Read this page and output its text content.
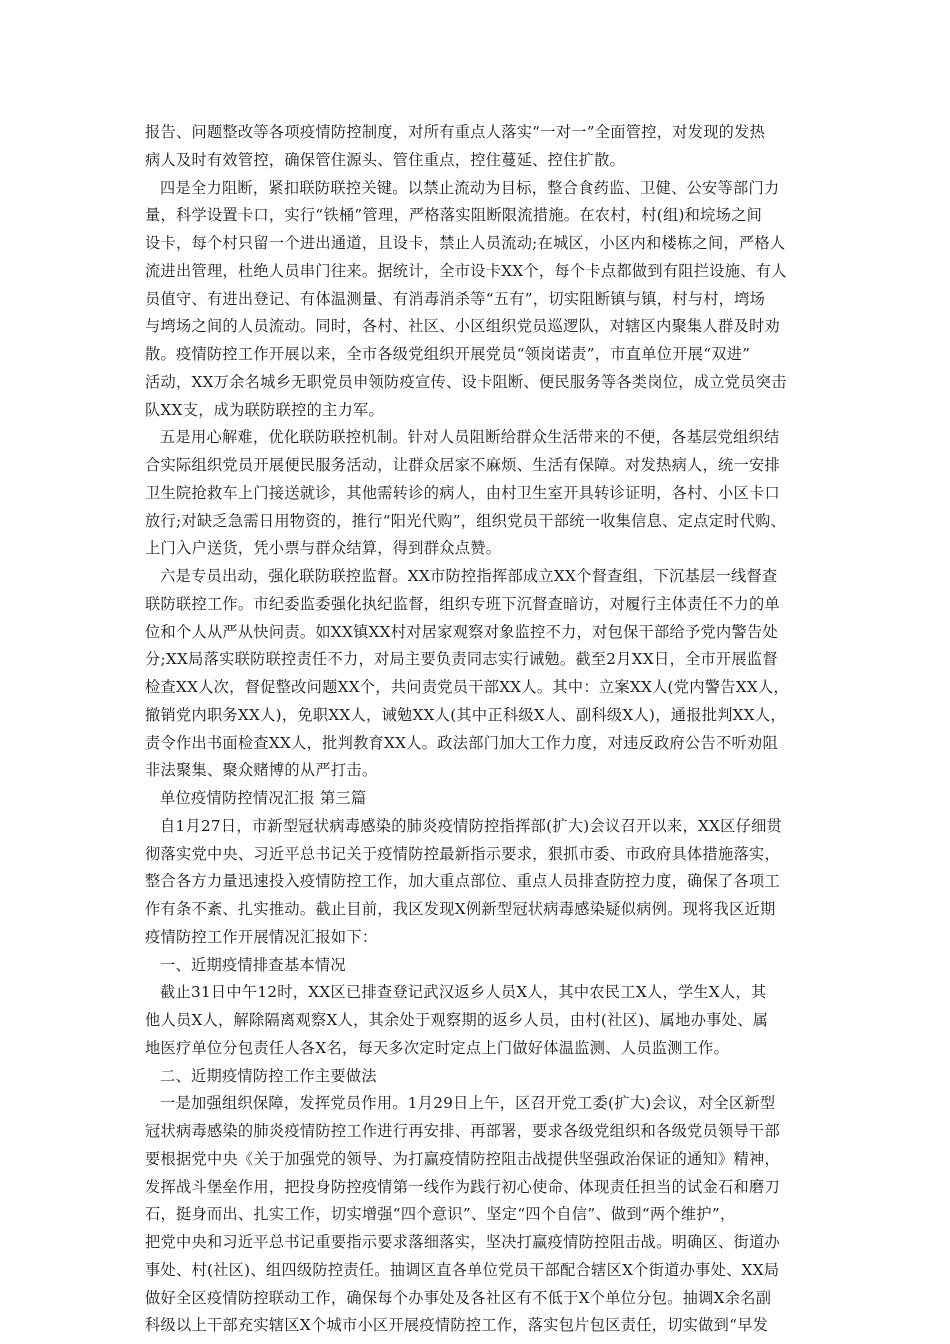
报告、问题整改等各项疫情防控制度，对所有重点人落实“一对一”全面管控，对发现的发热
病人及时有效管控，确保管住源头、管住重点，控住蔓延、控住扩散。
四是全力阻断，紧扣联防联控关键。以禁止流动为目标，整合食药监、卫健、公安等部门力
量，科学设置卡口，实行“铁桶”管理，严格落实阻断限流措施。在农村，村(组)和垸场之间
设卡，每个村只留一个进出通道，且设卡，禁止人员流动;在城区，小区内和楼栋之间，严格人
流进出管理，杜绝人员串门往来。据统计，全市设卡XX个，每个卡点都做到有阻拦设施、有人
员值守、有进出登记、有体温测量、有消毒消杀等“五有”，切实阻断镇与镇，村与村，塆场
与塆场之间的人员流动。同时，各村、社区、小区组织党员巡逻队，对辖区内聚集人群及时劝
散。疫情防控工作开展以来，全市各级党组织开展党员“领岗诺责”，市直单位开展“双进”
活动，XX万余名城乡无职党员申领防疫宣传、设卡阻断、便民服务等各类岗位，成立党员突击
队XX支，成为联防联控的主力军。
五是用心解难，优化联防联控机制。针对人员阻断给群众生活带来的不便，各基层党组织结
合实际组织党员开展便民服务活动，让群众居家不麻烦、生活有保障。对发热病人，统一安排
卫生院抢救车上门接送就诊，其他需转诊的病人，由村卫生室开具转诊证明，各村、小区卡口
放行;对缺乏急需日用物资的，推行“阳光代购”，组织党员干部统一收集信息、定点定时代购、
上门入户送货，凭小票与群众结算，得到群众点赞。
六是专员出动，强化联防联控监督。XX市防控指挥部成立XX个督查组，下沉基层一线督查
联防联控工作。市纪委监委强化执纪监督，组织专班下沉督查暗访，对履行主体责任不力的单
位和个人从严从快问责。如XX镇XX村对居家观察对象监控不力，对包保干部给予党内警告处
分;XX局落实联防联控责任不力，对局主要负责同志实行诫勉。截至2月XX日，全市开展监督
检查XX人次，督促整改问题XX个，共问责党员干部XX人。其中：立案XX人(党内警告XX人，
撤销党内职务XX人)，免职XX人，诫勉XX人(其中正科级X人、副科级X人)，通报批判XX人，
责令作出书面检查XX人，批判教育XX人。政法部门加大工作力度，对违反政府公告不听劝阻
非法聚集、聚众赌博的从严打击。
单位疫情防控情况汇报 第三篇
自1月27日，市新型冠状病毒感染的肺炎疫情防控指挥部(扩大)会议召开以来，XX区仔细贯
彻落实党中央、习近平总书记关于疫情防控最新指示要求，狠抓市委、市政府具体措施落实，
整合各方力量迅速投入疫情防控工作，加大重点部位、重点人员排查防控力度，确保了各项工
作有条不紊、扎实推动。截止目前，我区发现X例新型冠状病毒感染疑似病例。现将我区近期
疫情防控工作开展情况汇报如下：
一、近期疫情排查基本情况
截止31日中午12时，XX区已排查登记武汉返乡人员X人，其中农民工X人，学生X人，其
他人员X人，解除隔离观察X人，其余处于观察期的返乡人员，由村(社区)、属地办事处、属
地医疗单位分包责任人各X名，每天多次定时定点上门做好体温监测、人员监测工作。
二、近期疫情防控工作主要做法
一是加强组织保障，发挥党员作用。1月29日上午，区召开党工委(扩大)会议，对全区新型
冠状病毒感染的肺炎疫情防控工作进行再安排、再部署，要求各级党组织和各级党员领导干部
要根据党中央《关于加强党的领导、为打赢疫情防控阻击战提供坚强政治保证的通知》精神，
发挥战斗堡垒作用，把投身防控疫情第一线作为践行初心使命、体现责任担当的试金石和磨刀
石，挺身而出、扎实工作，切实增强“四个意识”、坚定“四个自信”、做到“两个维护”，
把党中央和习近平总书记重要指示要求落细落实，坚决打赢疫情防控阻击战。明确区、街道办
事处、村(社区)、组四级防控责任。抽调区直各单位党员干部配合辖区X个街道办事处、XX局
做好全区疫情防控联动工作，确保每个办事处及各社区有不低于X个单位分包。抽调X余名副
科级以上干部充实辖区X个城市小区开展疫情防控工作，落实包片包区责任，切实做到“早发
